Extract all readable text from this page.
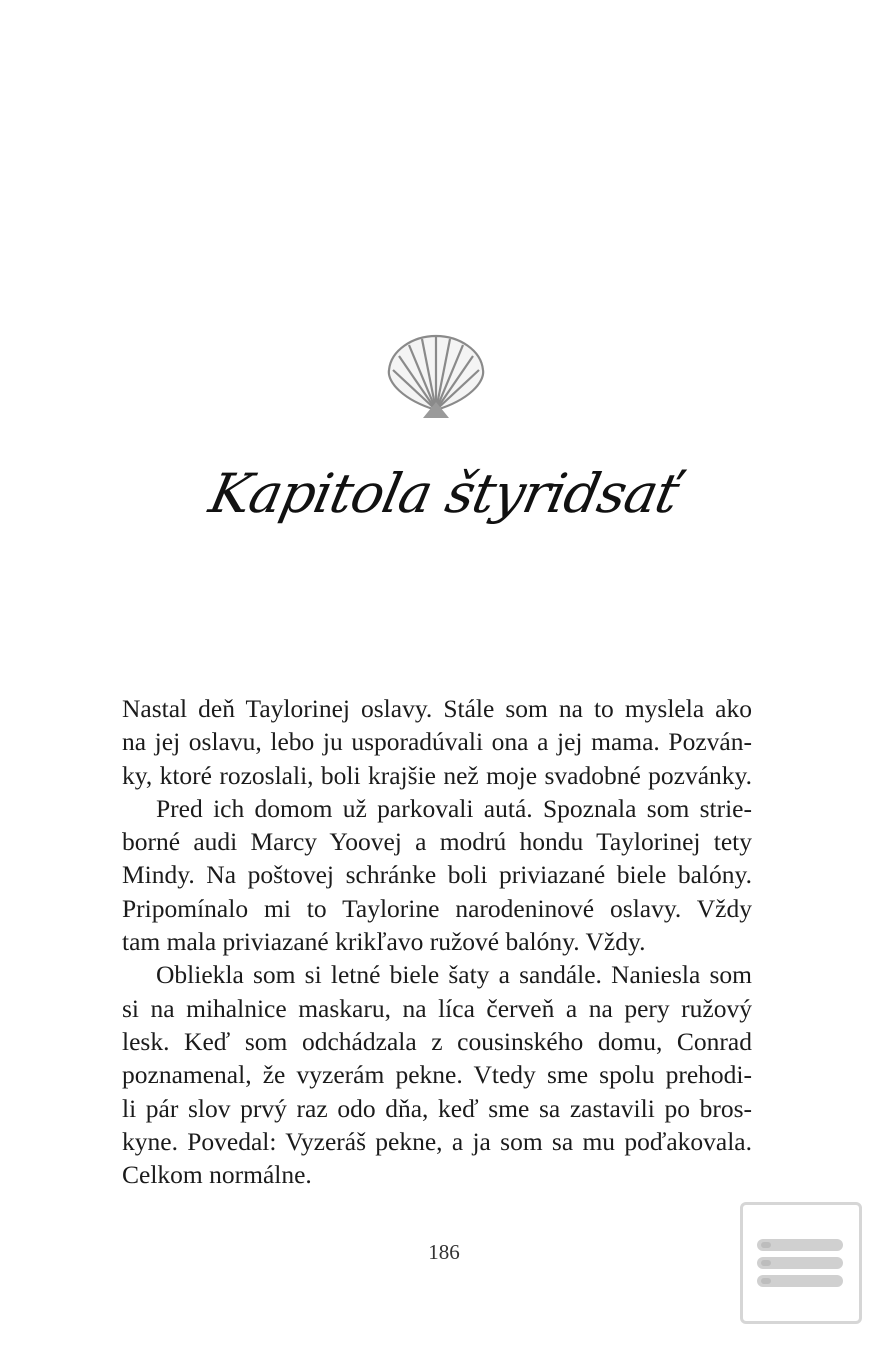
Kapitola štyridsať

Nastal deň Taylorinej oslavy. Stále som na to myslela ako
na jej oslavu, lebo ju usporadúvali ona a jej mama. Pozván-
ky, ktoré rozoslali, boli krajšie než moje svadobné pozvánky.

Pred ich domom už parkovali autá. Spoznala som strie-
borné audi Marcy Yoovej a modrú hondu Taylorinej tety
Mindy. Na poštovej schránke boli priviazané biele balóny.
Pripomínalo mi to Taylorine narodeninové oslavy. Vždy
tam mala priviazané krikľavo ružové balóny. Vždy.

Obliekla som si letné biele šaty a sandále. Naniesla som
si na mihalnice maskaru, na líca červeň a na pery ružový
lesk. Keď som odchádzala z cousinského domu, Conrad
poznamenal, že vyzerám pekne. Vtedy sme spolu prehodi-
li pár slov prvý raz odo dňa, keď sme sa zastavili po bros-
kyne. Povedal: Vyzeráš pekne, a ja som sa mu poďakovala.
Celkom normálne.

186
